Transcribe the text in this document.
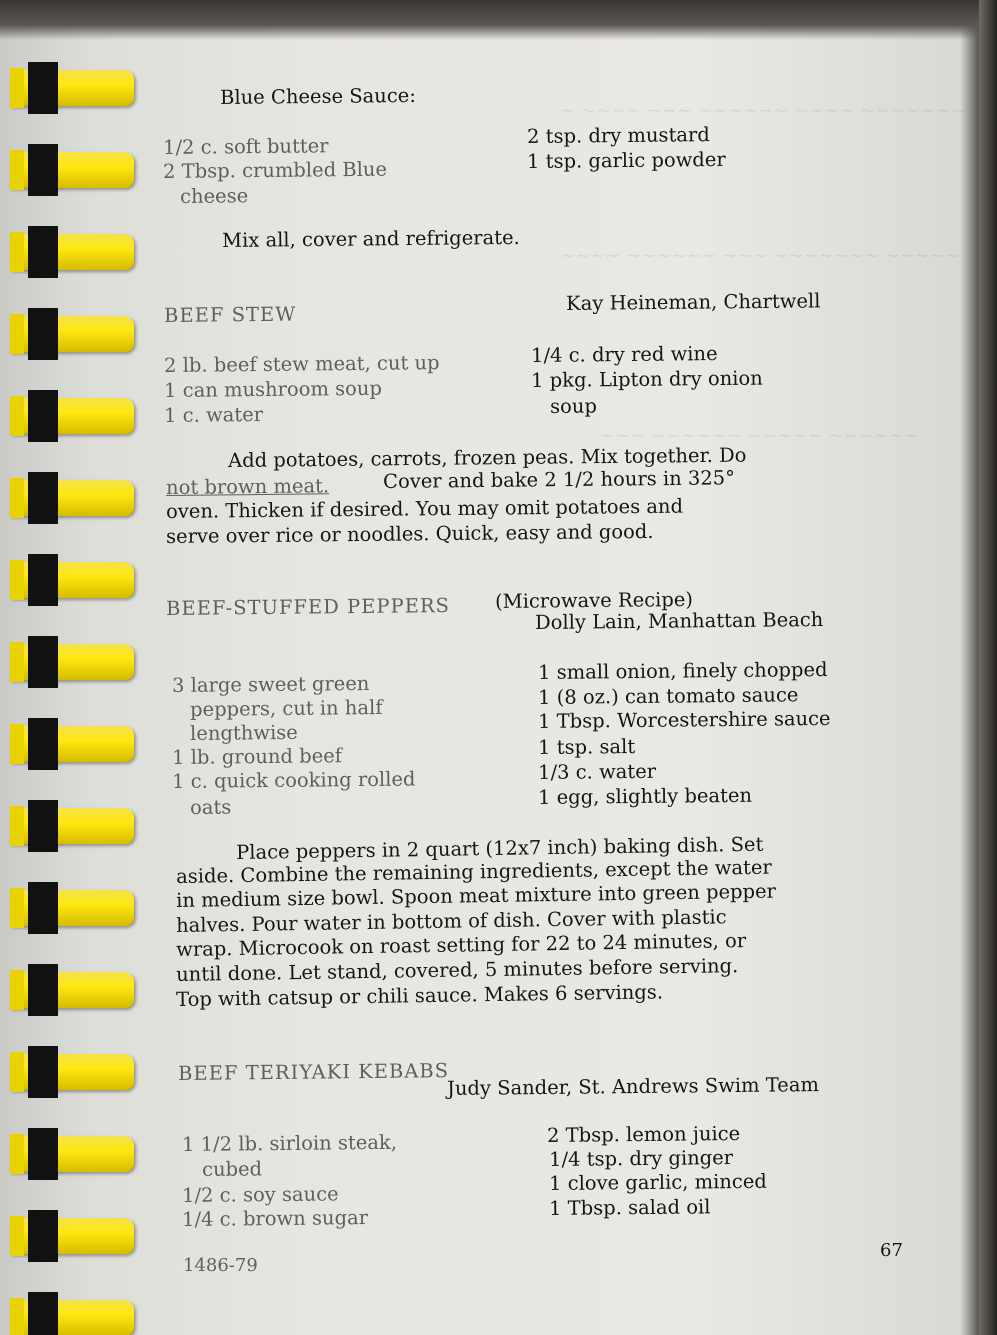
~ ~~~~ ~~~ ~~~~~~ ~~~~ ~~~~~~~
~~~~ ~~~~~~ ~~~ ~~~~~~~ ~~~~~
~~~ ~~~~~~ ~~~~~ ~~~~~~
Blue Cheese Sauce:
1/2 c. soft butter
2 Tbsp. crumbled Blue
cheese
2 tsp. dry mustard
1 tsp. garlic powder
Mix all, cover and refrigerate.
BEEF STEW	Kay Heineman, Chartwell
2 lb. beef stew meat, cut up
1 can mushroom soup
1 c. water
1/4 c. dry red wine
1 pkg. Lipton dry onion
soup
Add potatoes, carrots, frozen peas. Mix together. Do
not brown meat.	Cover and bake 2 1/2 hours in 325°
oven. Thicken if desired. You may omit potatoes and
serve over rice or noodles. Quick, easy and good.
BEEF-STUFFED PEPPERS (Microwave Recipe)
Dolly Lain, Manhattan Beach
3 large sweet green
peppers, cut in half
lengthwise
1 lb. ground beef
1 c. quick cooking rolled
oats
1 small onion, finely chopped
1 (8 oz.) can tomato sauce
1 Tbsp. Worcestershire sauce
1 tsp. salt
1/3 c. water
1 egg, slightly beaten
Place peppers in 2 quart (12x7 inch) baking dish. Set
aside. Combine the remaining ingredients, except the water
in medium size bowl. Spoon meat mixture into green pepper
halves. Pour water in bottom of dish. Cover with plastic
wrap. Microcook on roast setting for 22 to 24 minutes, or
until done. Let stand, covered, 5 minutes before serving.
Top with catsup or chili sauce. Makes 6 servings.
BEEF TERIYAKI KEBABS
Judy Sander, St. Andrews Swim Team
1 1/2 lb. sirloin steak,
cubed
1/2 c. soy sauce
1/4 c. brown sugar
2 Tbsp. lemon juice
1/4 tsp. dry ginger
1 clove garlic, minced
1 Tbsp. salad oil
1486-79
67
